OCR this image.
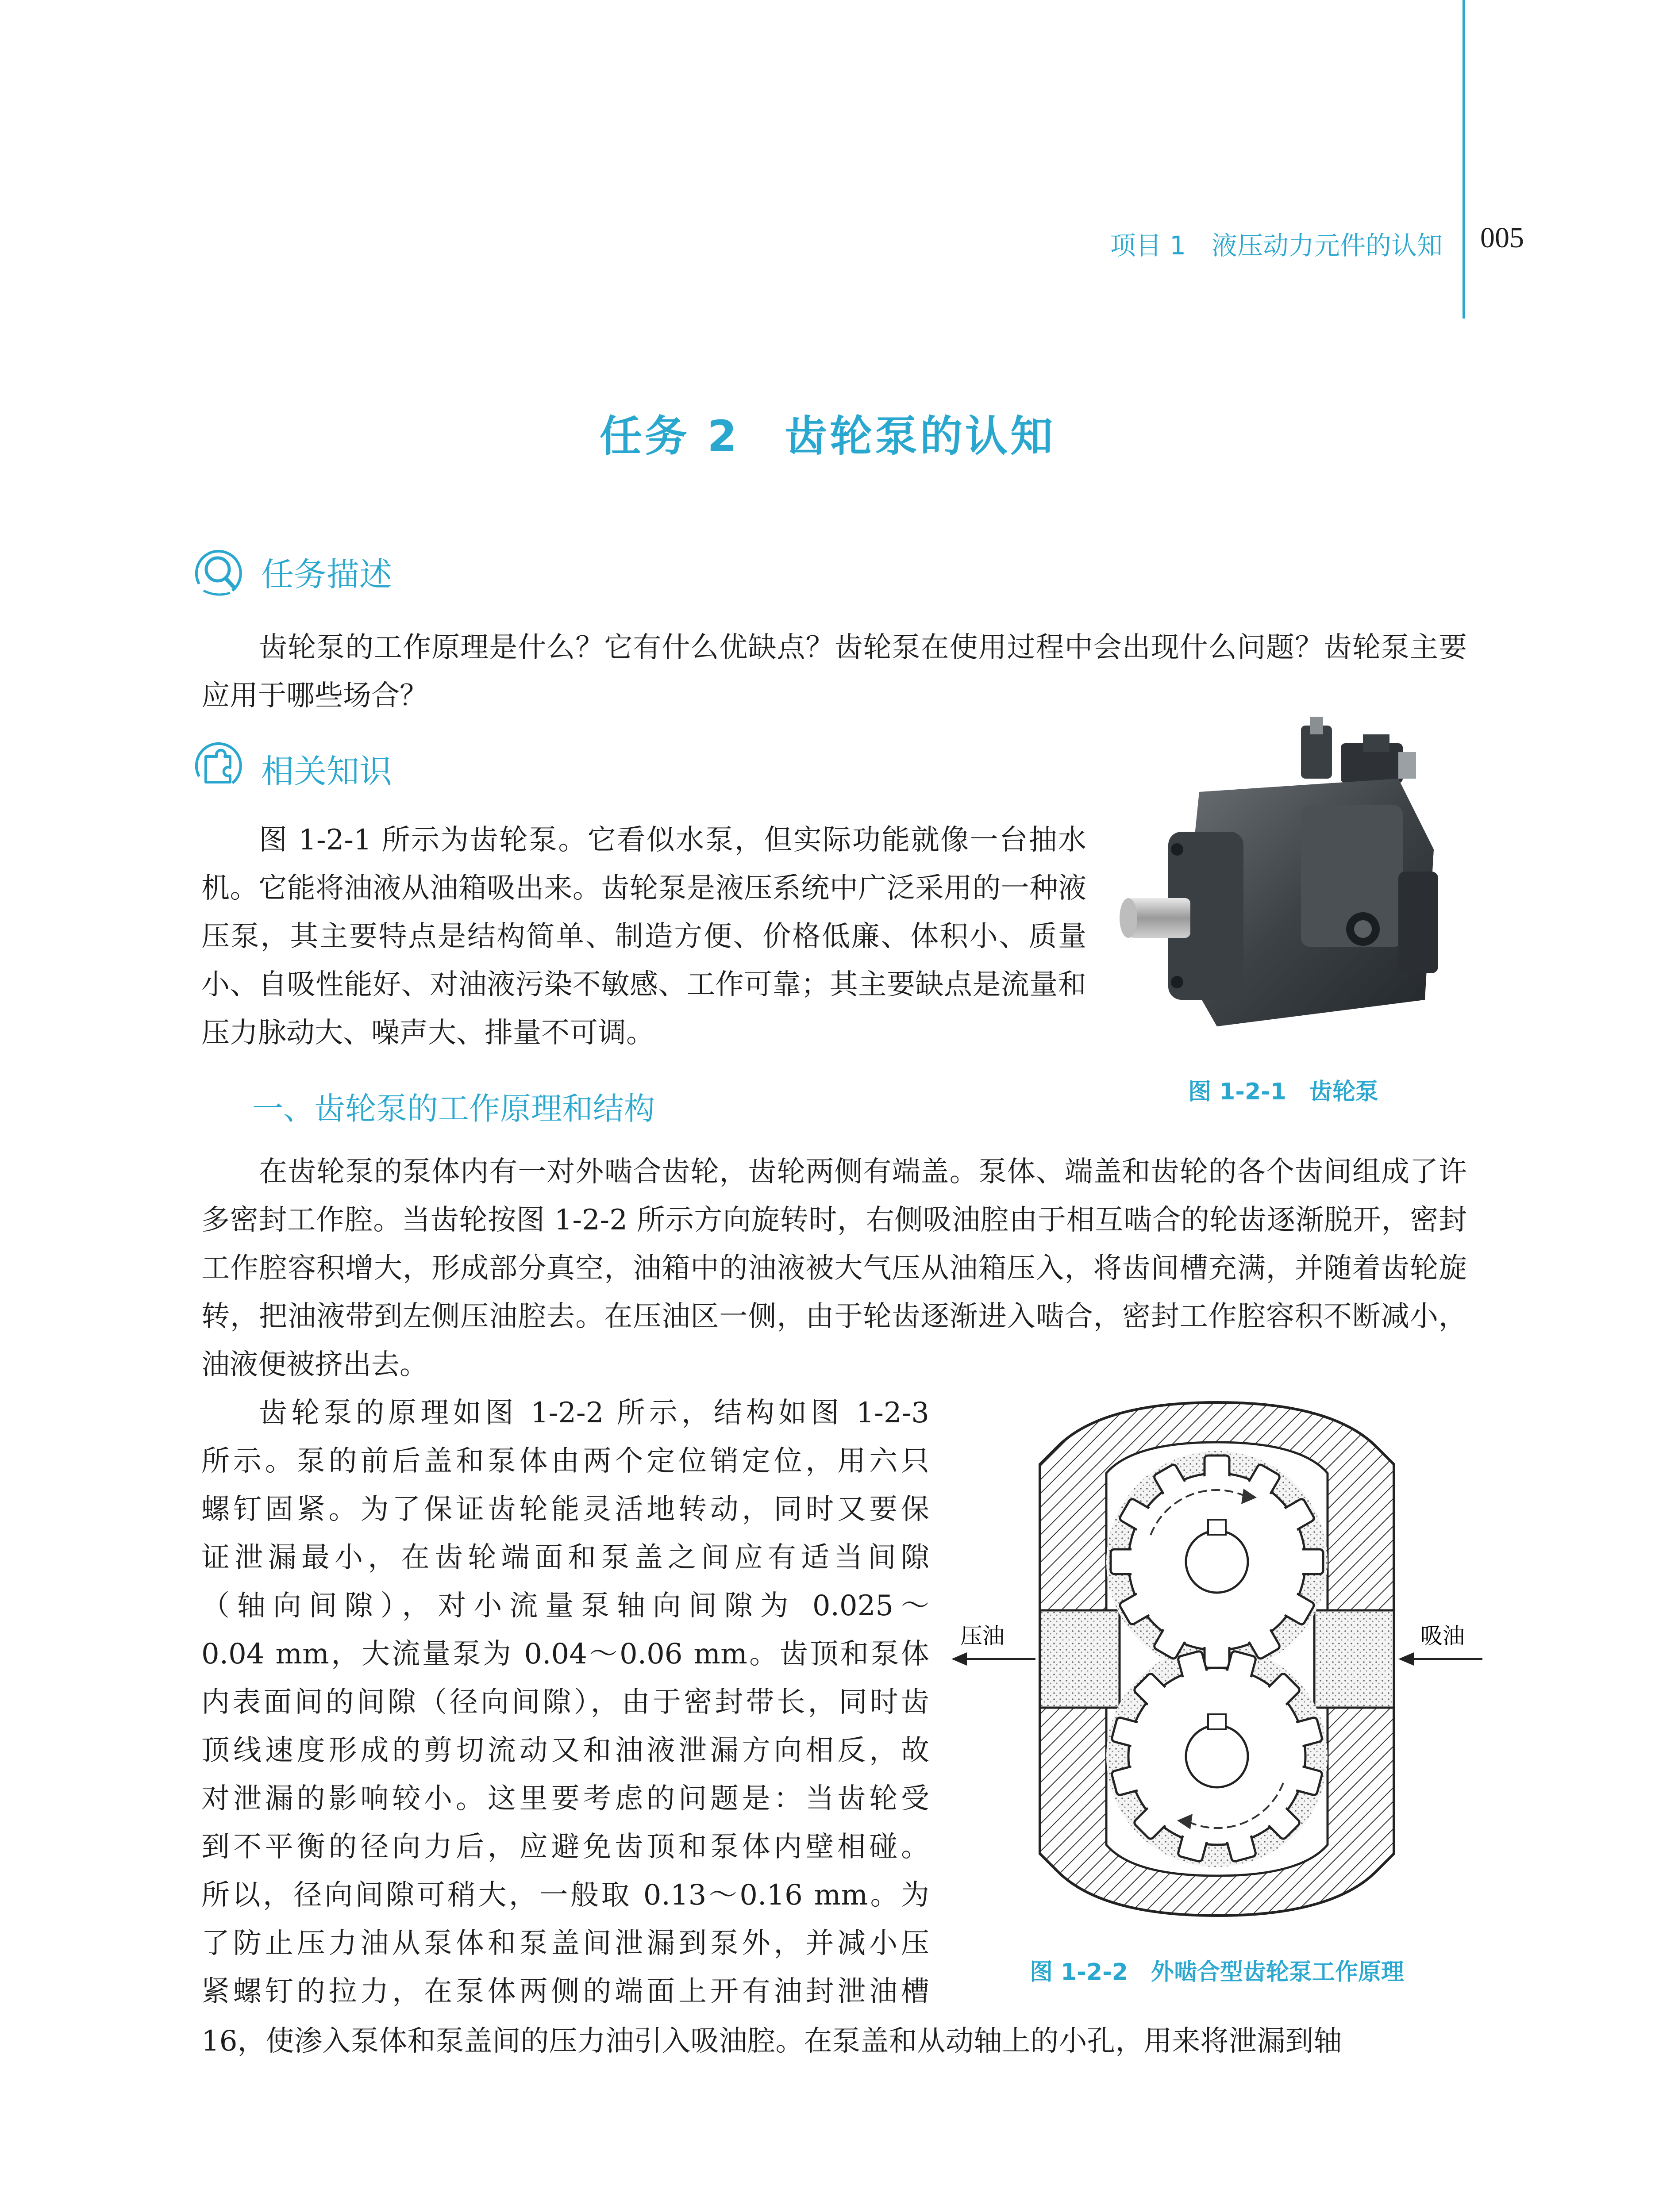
项目 1　液压动力元件的认知 005
任务 2　齿轮泵的认知
任务描述
齿轮泵的工作原理是什么？它有什么优缺点？齿轮泵在使用过程中会出现什么问题？齿轮泵主要应用于哪些场合？
相关知识
图 1-2-1 所示为齿轮泵。它看似水泵，但实际功能就像一台抽水机。它能将油液从油箱吸出来。齿轮泵是液压系统中广泛采用的一种液压泵，其主要特点是结构简单、制造方便、价格低廉、体积小、质量小、自吸性能好、对油液污染不敏感、工作可靠；其主要缺点是流量和压力脉动大、噪声大、排量不可调。
图 1-2-1　齿轮泵
一、齿轮泵的工作原理和结构
在齿轮泵的泵体内有一对外啮合齿轮，齿轮两侧有端盖。泵体、端盖和齿轮的各个齿间组成了许多密封工作腔。当齿轮按图 1-2-2 所示方向旋转时，右侧吸油腔由于相互啮合的轮齿逐渐脱开，密封工作腔容积增大，形成部分真空，油箱中的油液被大气压从油箱压入，将齿间槽充满，并随着齿轮旋转，把油液带到左侧压油腔去。在压油区一侧，由于轮齿逐渐进入啮合，密封工作腔容积不断减小，油液便被挤出去。

齿轮泵的原理如图 1-2-2 所示，结构如图 1-2-3

所示。泵的前后盖和泵体由两个定位销定位，用六只

螺钉固紧。为了保证齿轮能灵活地转动，同时又要保

证泄漏最小，在齿轮端面和泵盖之间应有适当间隙

（轴向间隙），对小流量泵轴向间隙为 0.025～

0.04 mm，大流量泵为 0.04～0.06 mm。齿顶和泵体

内表面间的间隙（径向间隙），由于密封带长，同时齿

顶线速度形成的剪切流动又和油液泄漏方向相反，故

对泄漏的影响较小。这里要考虑的问题是：当齿轮受

到不平衡的径向力后，应避免齿顶和泵体内壁相碰。

所以，径向间隙可稍大，一般取 0.13～0.16 mm。为

了防止压力油从泵体和泵盖间泄漏到泵外，并减小压

紧螺钉的拉力，在泵体两侧的端面上开有油封泄油槽

16，使渗入泵体和泵盖间的压力油引入吸油腔。在泵盖和从动轴上的小孔，用来将泄漏到轴
压油	吸油
图 1-2-2　外啮合型齿轮泵工作原理
